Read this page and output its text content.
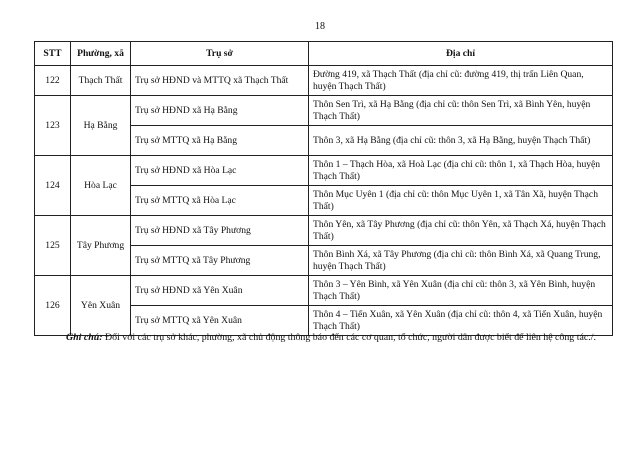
18
STT	Phường, xã	Trụ sở	Địa chỉ
122	Thạch Thất	Trụ sở HĐND và MTTQ xã Thạch Thất	Đường 419, xã Thạch Thất (địa chỉ cũ: đường 419, thị trấn Liên Quan, huyện Thạch Thất)
123	Hạ Bằng	Trụ sở HĐND xã Hạ Bằng	Thôn Sen Trì, xã Hạ Bằng (địa chỉ cũ: thôn Sen Trì, xã Bình Yên, huyện Thạch Thất)
		Trụ sở MTTQ xã Hạ Bằng	Thôn 3, xã Hạ Bằng (địa chỉ cũ: thôn 3, xã Hạ Bằng, huyện Thạch Thất)
124	Hòa Lạc	Trụ sở HĐND xã Hòa Lạc	Thôn 1 – Thạch Hòa, xã Hoà Lạc (địa chỉ cũ: thôn 1, xã Thạch Hòa, huyện Thạch Thất)
		Trụ sở MTTQ xã Hòa Lạc	Thôn Mục Uyên 1 (địa chỉ cũ: thôn Mục Uyên 1, xã Tân Xã, huyện Thạch Thất)
125	Tây Phương	Trụ sở HĐND xã Tây Phương	Thôn Yên, xã Tây Phương (địa chỉ cũ: thôn Yên, xã Thạch Xá, huyện Thạch Thất)
		Trụ sở MTTQ xã Tây Phương	Thôn Bình Xá, xã Tây Phương (địa chỉ cũ: thôn Bình Xá, xã Quang Trung, huyện Thạch Thất)
126	Yên Xuân	Trụ sở HĐND xã Yên Xuân	Thôn 3 – Yên Bình, xã Yên Xuân (địa chỉ cũ: thôn 3, xã Yên Bình, huyện Thạch Thất)
		Trụ sở MTTQ xã Yên Xuân	Thôn 4 – Tiến Xuân, xã Yên Xuân (địa chỉ cũ: thôn 4, xã Tiến Xuân, huyện Thạch Thất)
Ghi chú: Đối với các trụ sở khác, phường, xã chủ động thông báo đến các cơ quan, tổ chức, người dân được biết để liên hệ công tác./.
